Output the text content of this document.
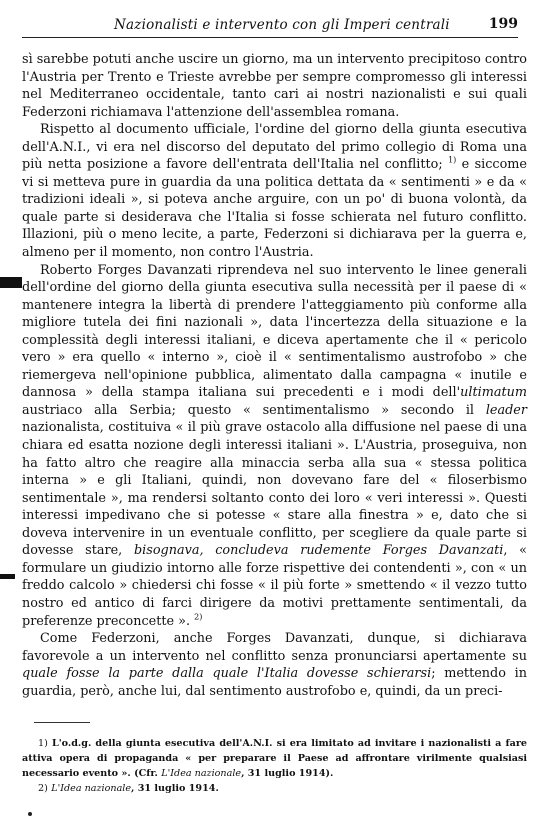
Nazionalisti e intervento con gli Imperi centrali	199

sì sarebbe potuti anche uscire un giorno, ma un intervento precipitoso contro l'Austria per Trento e Trieste avrebbe per sempre compromesso gli interessi nel Mediterraneo occidentale, tanto cari ai nostri nazionalisti e sui quali Federzoni richiamava l'attenzione dell'assemblea romana.

Rispetto al documento ufficiale, l'ordine del giorno della giunta esecutiva dell'A.N.I., vi era nel discorso del deputato del primo collegio di Roma una più netta posizione a favore dell'entrata dell'Italia nel conflitto; $^{1)}$ e siccome vi si metteva pure in guardia da una politica dettata da « sentimenti » e da « tradizioni ideali », si poteva anche arguire, con un po' di buona volontà, da quale parte si desiderava che l'Italia si fosse schierata nel futuro conflitto. Illazioni, più o meno lecite, a parte, Federzoni si dichiarava per la guerra e, almeno per il momento, non contro l'Austria.

Roberto Forges Davanzati riprendeva nel suo intervento le linee generali dell'ordine del giorno della giunta esecutiva sulla necessità per il paese di « mantenere integra la libertà di prendere l'atteggiamento più conforme alla migliore tutela dei fini nazionali », data l'incertezza della situazione e la complessità degli interessi italiani, e diceva apertamente che il « pericolo vero » era quello « interno », cioè il « sentimentalismo austrofobo » che riemergeva nell'opinione pubblica, alimentato dalla campagna « inutile e dannosa » della stampa italiana sui precedenti e i modi dell'ultimatum austriaco alla Serbia; questo « sentimentalismo » secondo il leader nazionalista, costituiva « il più grave ostacolo alla diffusione nel paese di una chiara ed esatta nozione degli interessi italiani ». L'Austria, proseguiva, non ha fatto altro che reagire alla minaccia serba alla sua « stessa politica interna » e gli Italiani, quindi, non dovevano fare del « filoserbismo sentimentale », ma rendersi soltanto conto dei loro « veri interessi ». Questi interessi impedivano che si potesse « stare alla finestra » e, dato che si doveva intervenire in un eventuale conflitto, per scegliere da quale parte si dovesse stare, bisognava, concludeva rudemente Forges Davanzati, « formulare un giudizio intorno alle forze rispettive dei contendenti », con « un freddo calcolo » chiedersi chi fosse « il più forte » smettendo « il vezzo tutto nostro ed antico di farci dirigere da motivi prettamente sentimentali, da preferenze preconcette ». $^{2)}$

Come Federzoni, anche Forges Davanzati, dunque, si dichiarava favorevole a un intervento nel conflitto senza pronunciarsi apertamente su quale fosse la parte dalla quale l'Italia dovesse schierarsi; mettendo in guardia, però, anche lui, dal sentimento austrofobo e, quindi, da un preci-

1) L'o.d.g. della giunta esecutiva dell'A.N.I. si era limitato ad invitare i nazionalisti a fare attiva opera di propaganda « per preparare il Paese ad affrontare virilmente qualsiasi necessario evento ». (Cfr. L'Idea nazionale, 31 luglio 1914).

2) L'Idea nazionale, 31 luglio 1914.
